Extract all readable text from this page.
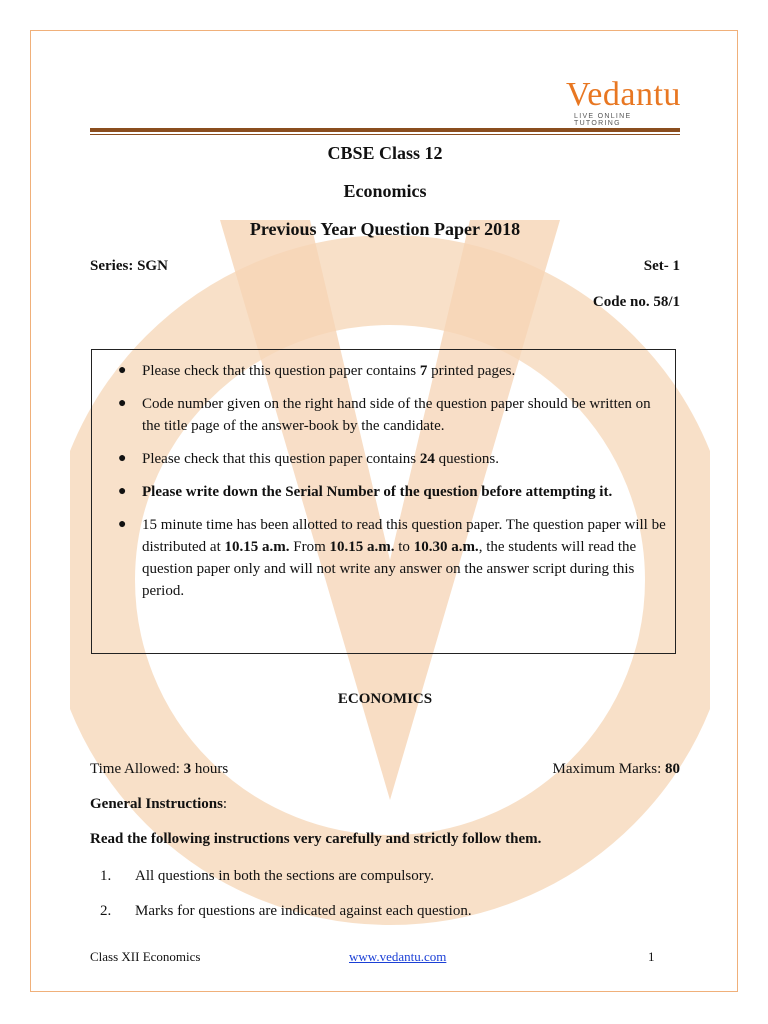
Vedantu
LIVE ONLINE TUTORING
CBSE Class 12
Economics
Previous Year Question Paper 2018
Series: SGN	Set- 1
Code no. 58/1
● Please check that this question paper contains 7 printed pages.
● Code number given on the right hand side of the question paper should be written on the title page of the answer-book by the candidate.
● Please check that this question paper contains 24 questions.
● Please write down the Serial Number of the question before attempting it.
● 15 minute time has been allotted to read this question paper. The question paper will be distributed at 10.15 a.m. From 10.15 a.m. to 10.30 a.m., the students will read the question paper only and will not write any answer on the answer script during this period.
ECONOMICS
Time Allowed: 3 hours	Maximum Marks: 80
General Instructions:
Read the following instructions very carefully and strictly follow them.
1. All questions in both the sections are compulsory.
2. Marks for questions are indicated against each question.
Class XII Economics	www.vedantu.com	1
